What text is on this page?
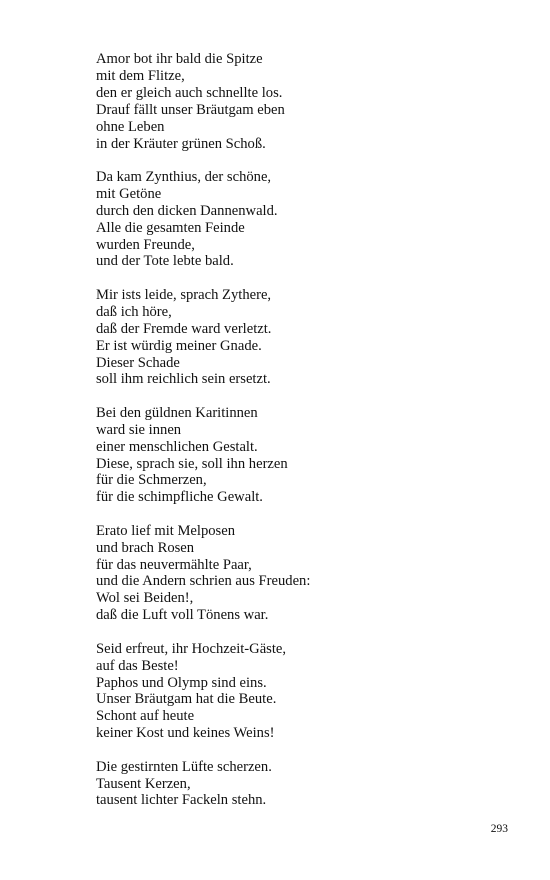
Amor bot ihr bald die Spitze
mit dem Flitze,
den er gleich auch schnellte los.
Drauf fällt unser Bräutgam eben
ohne Leben
in der Kräuter grünen Schoß.
Da kam Zynthius, der schöne,
mit Getöne
durch den dicken Dannenwald.
Alle die gesamten Feinde
wurden Freunde,
und der Tote lebte bald.
Mir ists leide, sprach Zythere,
daß ich höre,
daß der Fremde ward verletzt.
Er ist würdig meiner Gnade.
Dieser Schade
soll ihm reichlich sein ersetzt.
Bei den güldnen Karitinnen
ward sie innen
einer menschlichen Gestalt.
Diese, sprach sie, soll ihn herzen
für die Schmerzen,
für die schimpfliche Gewalt.
Erato lief mit Melposen
und brach Rosen
für das neuvermählte Paar,
und die Andern schrien aus Freuden:
Wol sei Beiden!,
daß die Luft voll Tönens war.
Seid erfreut, ihr Hochzeit-Gäste,
auf das Beste!
Paphos und Olymp sind eins.
Unser Bräutgam hat die Beute.
Schont auf heute
keiner Kost und keines Weins!
Die gestirnten Lüfte scherzen.
Tausent Kerzen,
tausent lichter Fackeln stehn.
293
